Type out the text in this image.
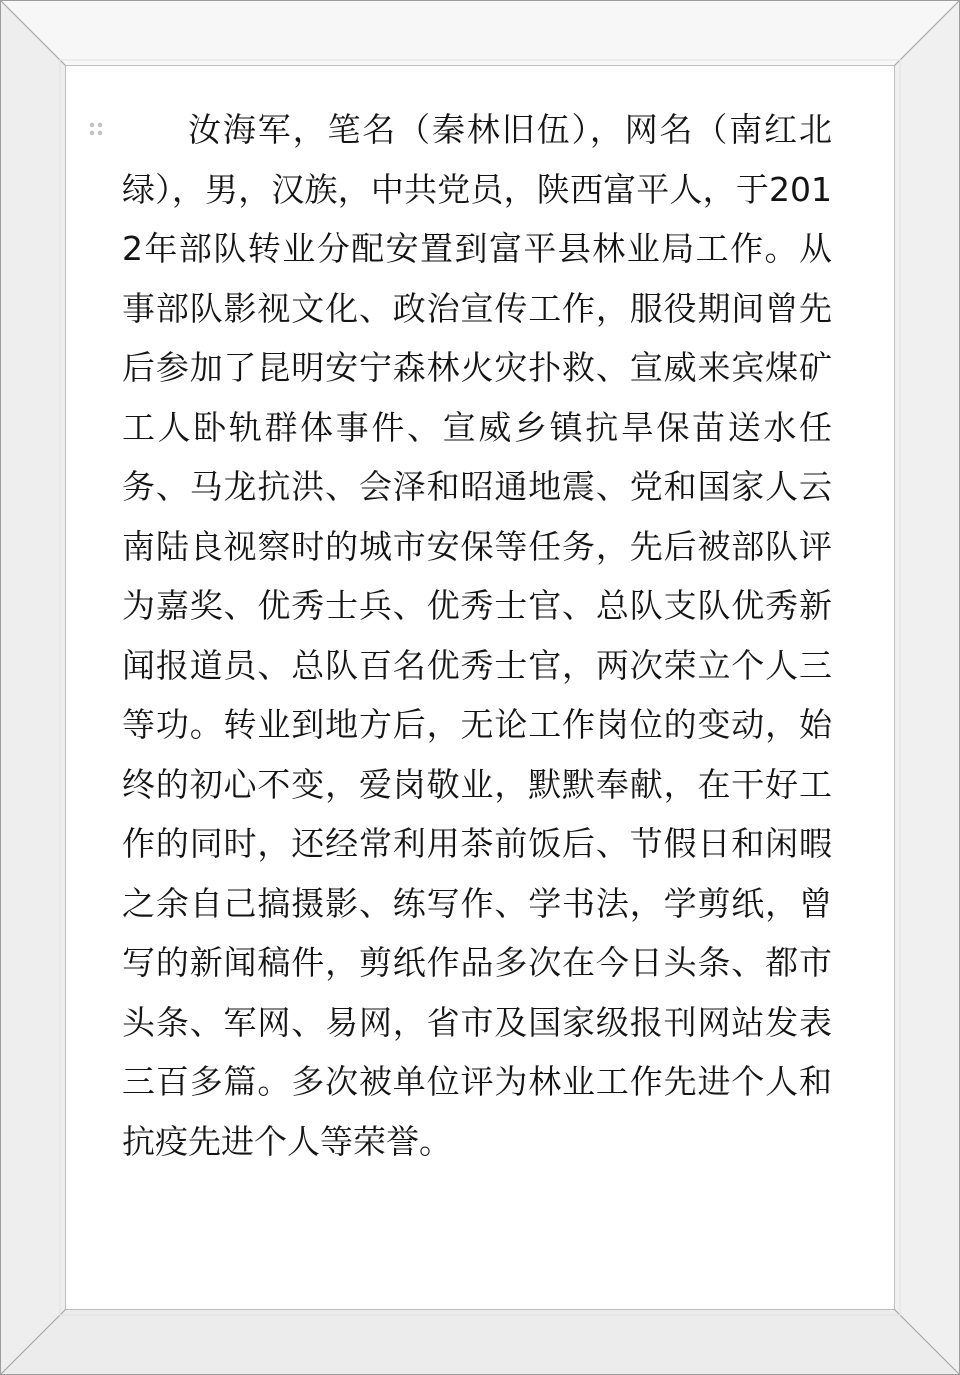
汝海军，笔名（秦林旧伍），网名（南红北绿），男，汉族，中共党员，陕西富平人，于2012年部队转业分配安置到富平县林业局工作。从事部队影视文化、政治宣传工作，服役期间曾先后参加了昆明安宁森林火灾扑救、宣威来宾煤矿工人卧轨群体事件、宣威乡镇抗旱保苗送水任务、马龙抗洪、会泽和昭通地震、党和国家人云南陆良视察时的城市安保等任务，先后被部队评为嘉奖、优秀士兵、优秀士官、总队支队优秀新闻报道员、总队百名优秀士官，两次荣立个人三等功。转业到地方后，无论工作岗位的变动，始终的初心不变，爱岗敬业，默默奉献，在干好工作的同时，还经常利用茶前饭后、节假日和闲暇之余自己搞摄影、练写作、学书法，学剪纸，曾写的新闻稿件，剪纸作品多次在今日头条、都市头条、军网、易网，省市及国家级报刊网站发表三百多篇。多次被单位评为林业工作先进个人和抗疫先进个人等荣誉。
